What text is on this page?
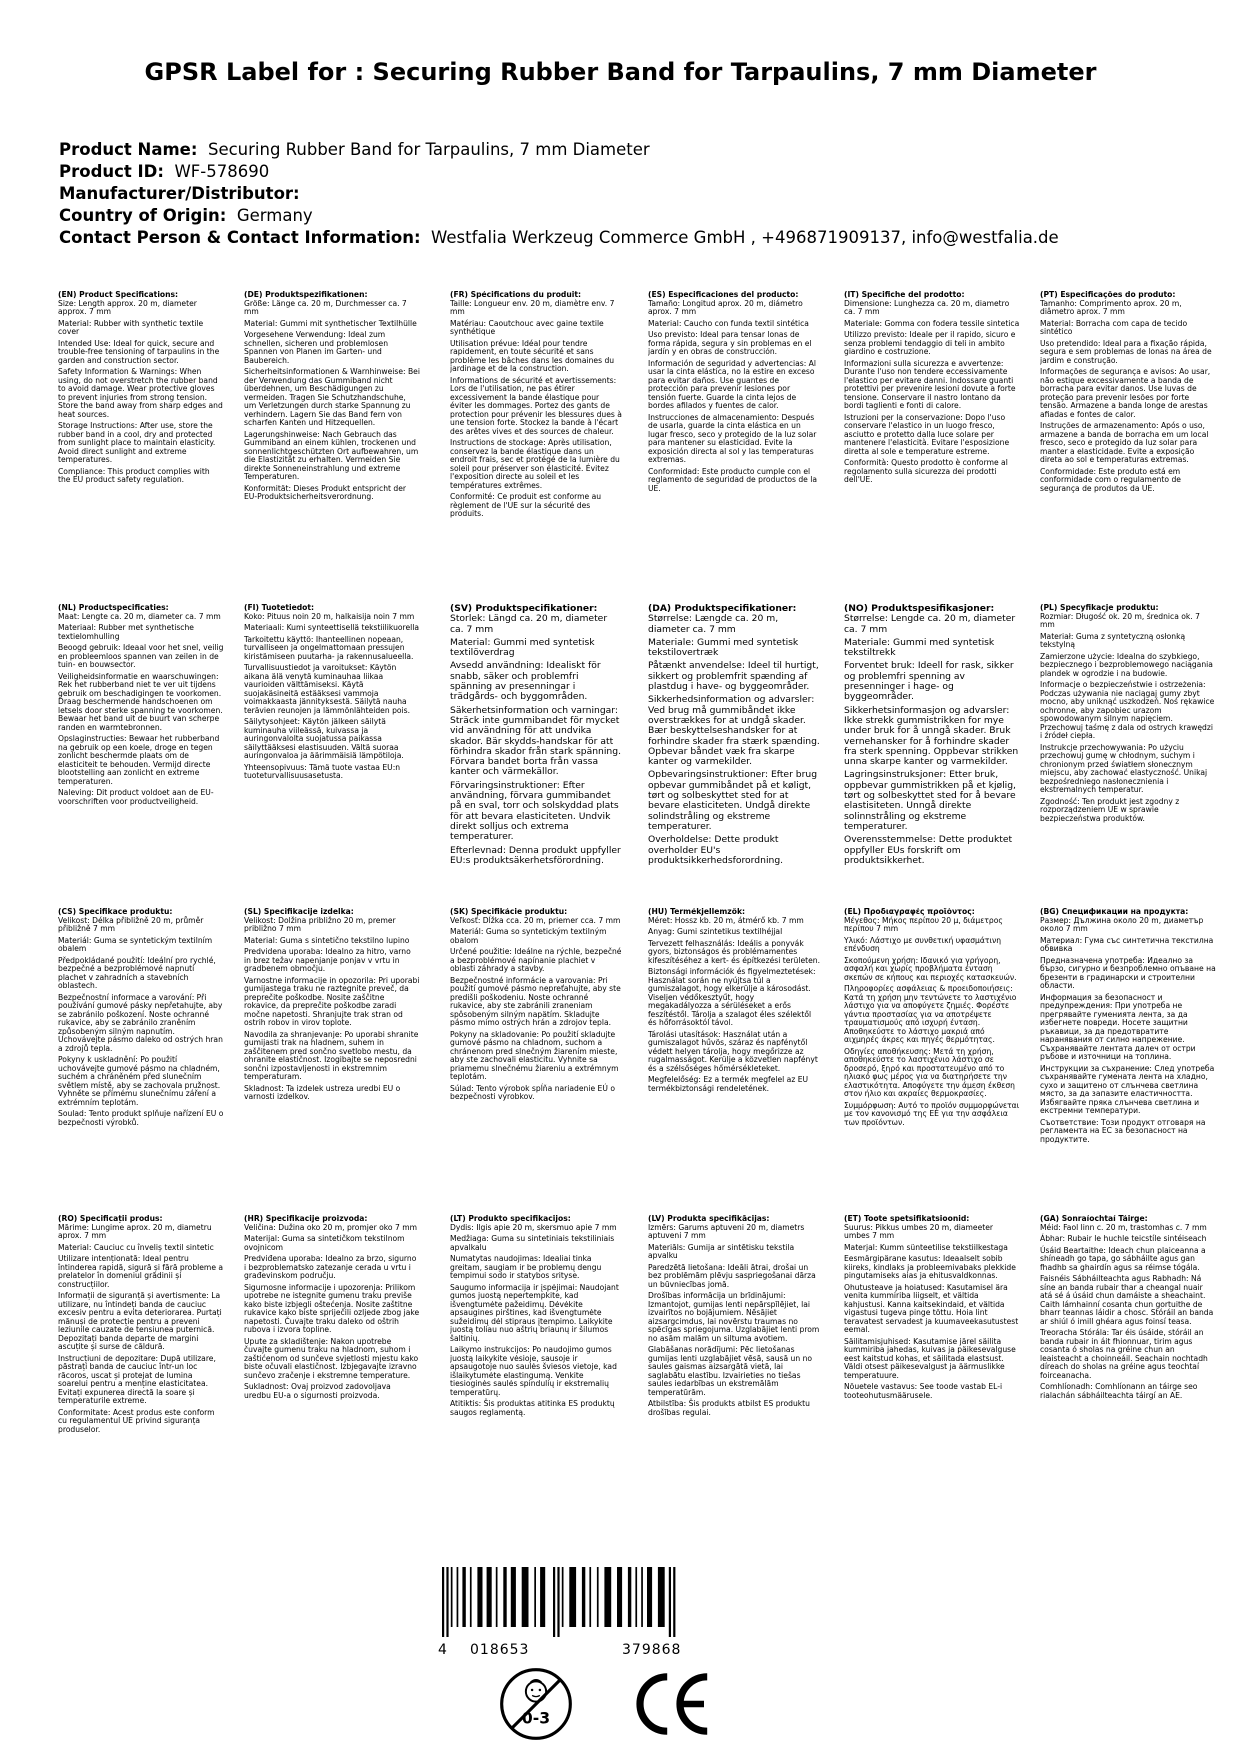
GPSR Label for : Securing Rubber Band for Tarpaulins, 7 mm Diameter
Product Name: Securing Rubber Band for Tarpaulins, 7 mm Diameter
Product ID: WF-578690
Manufacturer/Distributor:
Country of Origin: Germany
Contact Person & Contact Information: Westfalia Werkzeug Commerce GmbH , +496871909137, info@westfalia.de
(EN) Product Specifications:

Size: Length approx. 20 m, diameter approx. 7 mm

Material: Rubber with synthetic textile cover

Intended Use: Ideal for quick, secure and trouble-free tensioning of tarpaulins in the garden and construction sector.

Safety Information & Warnings: When using, do not overstretch the rubber band to avoid damage. Wear protective gloves to prevent injuries from strong tension. Store the band away from sharp edges and heat sources.

Storage Instructions: After use, store the rubber band in a cool, dry and protected from sunlight place to maintain elasticity. Avoid direct sunlight and extreme temperatures.

Compliance: This product complies with the EU product safety regulation.

(DE) Produktspezifikationen:

Größe: Länge ca. 20 m, Durchmesser ca. 7 mm

Material: Gummi mit synthetischer Textilhülle

Vorgesehene Verwendung: Ideal zum schnellen, sicheren und problemlosen Spannen von Planen im Garten- und Baubereich.

Sicherheitsinformationen & Warnhinweise: Bei der Verwendung das Gummiband nicht überdehnen, um Beschädigungen zu vermeiden. Tragen Sie Schutzhandschuhe, um Verletzungen durch starke Spannung zu verhindern. Lagern Sie das Band fern von scharfen Kanten und Hitzequellen.

Lagerungshinweise: Nach Gebrauch das Gummiband an einem kühlen, trockenen und sonnenlichtgeschützten Ort aufbewahren, um die Elastizität zu erhalten. Vermeiden Sie direkte Sonneneinstrahlung und extreme Temperaturen.

Konformität: Dieses Produkt entspricht der EU-Produktsicherheitsverordnung.

(FR) Spécifications du produit:

Taille: Longueur env. 20 m, diamètre env. 7 mm

Matériau: Caoutchouc avec gaine textile synthétique

Utilisation prévue: Idéal pour tendre rapidement, en toute sécurité et sans problème les bâches dans les domaines du jardinage et de la construction.

Informations de sécurité et avertissements: Lors de l'utilisation, ne pas étirer excessivement la bande élastique pour éviter les dommages. Portez des gants de protection pour prévenir les blessures dues à une tension forte. Stockez la bande à l'écart des arêtes vives et des sources de chaleur.

Instructions de stockage: Après utilisation, conservez la bande élastique dans un endroit frais, sec et protégé de la lumière du soleil pour préserver son élasticité. Évitez l'exposition directe au soleil et les températures extrêmes.

Conformité: Ce produit est conforme au règlement de l'UE sur la sécurité des produits.

(ES) Especificaciones del producto:

Tamaño: Longitud aprox. 20 m, diámetro aprox. 7 mm

Material: Caucho con funda textil sintética

Uso previsto: Ideal para tensar lonas de forma rápida, segura y sin problemas en el jardín y en obras de construcción.

Información de seguridad y advertencias: Al usar la cinta elástica, no la estire en exceso para evitar daños. Use guantes de protección para prevenir lesiones por tensión fuerte. Guarde la cinta lejos de bordes afilados y fuentes de calor.

Instrucciones de almacenamiento: Después de usarla, guarde la cinta elástica en un lugar fresco, seco y protegido de la luz solar para mantener su elasticidad. Evite la exposición directa al sol y las temperaturas extremas.

Conformidad: Este producto cumple con el reglamento de seguridad de productos de la UE.

(IT) Specifiche del prodotto:

Dimensione: Lunghezza ca. 20 m, diametro ca. 7 mm

Materiale: Gomma con fodera tessile sintetica

Utilizzo previsto: Ideale per il rapido, sicuro e senza problemi tendaggio di teli in ambito giardino e costruzione.

Informazioni sulla sicurezza e avvertenze: Durante l'uso non tendere eccessivamente l'elastico per evitare danni. Indossare guanti protettivi per prevenire lesioni dovute a forte tensione. Conservare il nastro lontano da bordi taglienti e fonti di calore.

Istruzioni per la conservazione: Dopo l'uso conservare l'elastico in un luogo fresco, asciutto e protetto dalla luce solare per mantenere l'elasticità. Evitare l'esposizione diretta al sole e temperature estreme.

Conformità: Questo prodotto è conforme al regolamento sulla sicurezza dei prodotti dell'UE.

(PT) Especificações do produto:

Tamanho: Comprimento aprox. 20 m, diâmetro aprox. 7 mm

Material: Borracha com capa de tecido sintético

Uso pretendido: Ideal para a fixação rápida, segura e sem problemas de lonas na área de jardim e construção.

Informações de segurança e avisos: Ao usar, não estique excessivamente a banda de borracha para evitar danos. Use luvas de proteção para prevenir lesões por forte tensão. Armazene a banda longe de arestas afiadas e fontes de calor.

Instruções de armazenamento: Após o uso, armazene a banda de borracha em um local fresco, seco e protegido da luz solar para manter a elasticidade. Evite a exposição direta ao sol e temperaturas extremas.

Conformidade: Este produto está em conformidade com o regulamento de segurança de produtos da UE.

(NL) Productspecificaties:

Maat: Lengte ca. 20 m, diameter ca. 7 mm

Materiaal: Rubber met synthetische textielomhulling

Beoogd gebruik: Ideaal voor het snel, veilig en probleemloos spannen van zeilen in de tuin- en bouwsector.

Veiligheidsinformatie en waarschuwingen: Rek het rubberband niet te ver uit tijdens gebruik om beschadigingen te voorkomen. Draag beschermende handschoenen om letsels door sterke spanning te voorkomen. Bewaar het band uit de buurt van scherpe randen en warmtebronnen.

Opslaginstructies: Bewaar het rubberband na gebruik op een koele, droge en tegen zonlicht beschermde plaats om de elasticiteit te behouden. Vermijd directe blootstelling aan zonlicht en extreme temperaturen.

Naleving: Dit product voldoet aan de EU-voorschriften voor productveiligheid.

(FI) Tuotetiedot:

Koko: Pituus noin 20 m, halkaisija noin 7 mm

Materiaali: Kumi synteettisellä tekstiilikuorella

Tarkoitettu käyttö: Ihanteellinen nopeaan, turvalliseen ja ongelmattomaan pressujen kiristämiseen puutarha- ja rakennusalueella.

Turvallisuustiedot ja varoitukset: Käytön aikana älä venytä kuminauhaa liikaa vaurioiden välttämiseksi. Käytä suojakäsineitä estääksesi vammoja voimakkaasta jännityksestä. Säilytä nauha terävien reunojen ja lämmönlähteiden pois.

Säilytysohjeet: Käytön jälkeen säilytä kuminauha viileässä, kuivassa ja auringonvalolta suojatussa paikassa säilyttääksesi elastisuuden. Vältä suoraa auringonvaloa ja äärimmäisiä lämpötiloja.

Yhteensopivuus: Tämä tuote vastaa EU:n tuoteturvallisuusasetusta.

(SV) Produktspecifikationer:

Storlek: Längd ca. 20 m, diameter ca. 7 mm

Material: Gummi med syntetisk textilöverdrag

Avsedd användning: Idealiskt för snabb, säker och problemfri spänning av presenningar i trädgårds- och byggområden.

Säkerhetsinformation och varningar: Sträck inte gummibandet för mycket vid användning för att undvika skador. Bär skydds-handskar för att förhindra skador från stark spänning. Förvara bandet borta från vassa kanter och värmekällor.

Förvaringsinstruktioner: Efter användning, förvara gummibandet på en sval, torr och solskyddad plats för att bevara elasticiteten. Undvik direkt solljus och extrema temperaturer.

Efterlevnad: Denna produkt uppfyller EU:s produktsäkerhetsförordning.

(DA) Produktspecifikationer:

Størrelse: Længde ca. 20 m, diameter ca. 7 mm

Materiale: Gummi med syntetisk tekstilovertræk

Påtænkt anvendelse: Ideel til hurtigt, sikkert og problemfrit spænding af plastdug i have- og byggeområder.

Sikkerhedsinformation og advarsler: Ved brug må gummibåndet ikke overstrækkes for at undgå skader. Bær beskyttelseshandsker for at forhindre skader fra stærk spænding. Opbevar båndet væk fra skarpe kanter og varmekilder.

Opbevaringsinstruktioner: Efter brug opbevar gummibåndet på et køligt, tørt og solbeskyttet sted for at bevare elasticiteten. Undgå direkte solindstråling og ekstreme temperaturer.

Overholdelse: Dette produkt overholder EU's produktsikkerhedsforordning.

(NO) Produktspesifikasjoner:

Størrelse: Lengde ca. 20 m, diameter ca. 7 mm

Materiale: Gummi med syntetisk tekstiltrekk

Forventet bruk: Ideell for rask, sikker og problemfri spenning av presenninger i hage- og byggeområder.

Sikkerhetsinformasjon og advarsler: Ikke strekk gummistrikken for mye under bruk for å unngå skader. Bruk vernehansker for å forhindre skader fra sterk spenning. Oppbevar strikken unna skarpe kanter og varmekilder.

Lagringsinstruksjoner: Etter bruk, oppbevar gummistrikken på et kjølig, tørt og solbeskyttet sted for å bevare elastisiteten. Unngå direkte solinnstråling og ekstreme temperaturer.

Overensstemmelse: Dette produktet oppfyller EUs forskrift om produktsikkerhet.

(PL) Specyfikacje produktu:

Rozmiar: Długość ok. 20 m, średnica ok. 7 mm

Materiał: Guma z syntetyczną osłonką tekstylną

Zamierzone użycie: Idealna do szybkiego, bezpiecznego i bezproblemowego naciągania plandek w ogrodzie i na budowie.

Informacje o bezpieczeństwie i ostrzeżenia: Podczas używania nie naciągaj gumy zbyt mocno, aby uniknąć uszkodzeń. Noś rękawice ochronne, aby zapobiec urazom spowodowanym silnym napięciem. Przechowuj taśmę z dala od ostrych krawędzi i źródeł ciepła.

Instrukcje przechowywania: Po użyciu przechowuj gumę w chłodnym, suchym i chronionym przed światłem słonecznym miejscu, aby zachować elastyczność. Unikaj bezpośredniego nasłonecznienia i ekstremalnych temperatur.

Zgodność: Ten produkt jest zgodny z rozporządzeniem UE w sprawie bezpieczeństwa produktów.

(CS) Specifikace produktu:

Velikost: Délka přibližně 20 m, průměr přibližně 7 mm

Materiál: Guma se syntetickým textilním obalem

Předpokládané použití: Ideální pro rychlé, bezpečné a bezproblémové napnutí plachet v zahradních a stavebních oblastech.

Bezpečnostní informace a varování: Při používání gumové pásky nepřetahujte, aby se zabránilo poškození. Noste ochranné rukavice, aby se zabránilo zraněním způsobeným silným napnutím. Uchovávejte pásmo daleko od ostrých hran a zdrojů tepla.

Pokyny k uskladnění: Po použití uchovávejte gumové pásmo na chladném, suchém a chráněném před slunečním světlem místě, aby se zachovala pružnost. Vyhněte se přímému slunečnímu záření a extrémním teplotám.

Soulad: Tento produkt splňuje nařízení EU o bezpečnosti výrobků.

(SL) Specifikacije izdelka:

Velikost: Dolžina približno 20 m, premer približno 7 mm

Material: Guma s sintetično tekstilno lupino

Predvidena uporaba: Idealno za hitro, varno in brez težav napenjanje ponjav v vrtu in gradbenem območju.

Varnostne informacije in opozorila: Pri uporabi gumijastega traku ne raztegnite preveč, da preprečite poškodbe. Nosite zaščitne rokavice, da preprečite poškodbe zaradi močne napetosti. Shranjujte trak stran od ostrih robov in virov toplote.

Navodila za shranjevanje: Po uporabi shranite gumijasti trak na hladnem, suhem in zaščitenem pred sončno svetlobo mestu, da ohranite elastičnost. Izogibajte se neposredni sončni izpostavljenosti in ekstremnim temperaturam.

Skladnost: Ta izdelek ustreza uredbi EU o varnosti izdelkov.

(SK) Špecifikácie produktu:

Veľkosť: Dĺžka cca. 20 m, priemer cca. 7 mm

Materiál: Guma so syntetickým textilným obalom

Určené použitie: Ideálne na rýchle, bezpečné a bezproblémové napínanie plachiet v oblasti záhrady a stavby.

Bezpečnostné informácie a varovania: Pri použití gumové pásmo nepreťahujte, aby ste predišli poškodeniu. Noste ochranné rukavice, aby ste zabránili zraneniam spôsobeným silným napätím. Skladujte pásmo mimo ostrých hrán a zdrojov tepla.

Pokyny na skladovanie: Po použití skladujte gumové pásmo na chladnom, suchom a chránenom pred slnečným žiarením mieste, aby ste zachovali elasticitu. Vyhnite sa priamemu slnečnému žiareniu a extrémnym teplotám.

Súlad: Tento výrobok spĺňa nariadenie EÚ o bezpečnosti výrobkov.

(HU) Termékjellemzők:

Méret: Hossz kb. 20 m, átmérő kb. 7 mm

Anyag: Gumi szintetikus textilhéjjal

Tervezett felhasználás: Ideális a ponyvák gyors, biztonságos és problémamentes kifeszítéséhez a kert- és építkezési területen.

Biztonsági információk és figyelmeztetések: Használat során ne nyújtsa túl a gumiszalagot, hogy elkerülje a károsodást. Viseljen védőkesztyűt, hogy megakadályozza a sérüléseket a erős feszítéstől. Tárolja a szalagot éles szélektől és hőforrásoktól távol.

Tárolási utasítások: Használat után a gumiszalagot hűvös, száraz és napfénytől védett helyen tárolja, hogy megőrizze az rugalmasságot. Kerülje a közvetlen napfényt és a szélsőséges hőmérsékleteket.

Megfelelőség: Ez a termék megfelel az EU termékbiztonsági rendeletének.

(EL) Προδιαγραφές προϊόντος:

Μέγεθος: Μήκος περίπου 20 μ, διάμετρος περίπου 7 mm

Υλικό: Λάστιχο με συνθετική υφασμάτινη επένδυση

Σκοπούμενη χρήση: Ιδανικό για γρήγορη, ασφαλή και χωρίς προβλήματα ένταση σκεπών σε κήπους και περιοχές κατασκευών.

Πληροφορίες ασφάλειας & προειδοποιήσεις: Κατά τη χρήση μην τεντώνετε το λαστιχένιο λάστιχο για να αποφύγετε ζημιές. Φορέστε γάντια προστασίας για να αποτρέψετε τραυματισμούς από ισχυρή ένταση. Αποθηκεύστε το λάστιχο μακριά από αιχμηρές άκρες και πηγές θερμότητας.

Οδηγίες αποθήκευσης: Μετά τη χρήση, αποθηκεύστε το λαστιχένιο λάστιχο σε δροσερό, ξηρό και προστατευμένο από το ηλιακό φως μέρος για να διατηρήσετε την ελαστικότητα. Αποφύγετε την άμεση έκθεση στον ήλιο και ακραίες θερμοκρασίες.

Συμμόρφωση: Αυτό το προϊόν συμμορφώνεται με τον κανονισμό της ΕΕ για την ασφάλεια των προϊόντων.

(BG) Спецификации на продукта:

Размер: Дължина около 20 m, диаметър около 7 mm

Материал: Гума със синтетична текстилна обвивка

Предназначена употреба: Идеално за бързо, сигурно и безпроблемно опъване на брезенти в градинарски и строителни области.

Информация за безопасност и предупреждения: При употреба не прегрявайте гуменията лента, за да избегнете повреди. Носете защитни ръкавици, за да предотвратите наранявания от силно напрежение. Съхранявайте лентата далеч от остри ръбове и източници на топлина.

Инструкции за съхранение: След употреба съхранявайте гумената лента на хладно, сухо и защитено от слънчева светлина място, за да запазите еластичността. Избягвайте пряка слънчева светлина и екстремни температури.

Съответствие: Този продукт отговаря на регламента на ЕС за безопасност на продуктите.

(RO) Specificații produs:

Mărime: Lungime aprox. 20 m, diametru aprox. 7 mm

Material: Cauciuc cu înveliș textil sintetic

Utilizare intenționată: Ideal pentru întinderea rapidă, sigură și fără probleme a prelatelor în domeniul grădinii și construcțiilor.

Informații de siguranță și avertismente: La utilizare, nu întindeți banda de cauciuc excesiv pentru a evita deteriorarea. Purtați mănuși de protecție pentru a preveni leziunile cauzate de tensiunea puternică. Depozitați banda departe de margini ascuțite și surse de căldură.

Instrucțiuni de depozitare: După utilizare, păstrați banda de cauciuc într-un loc răcoros, uscat și protejat de lumina soarelui pentru a menține elasticitatea. Evitați expunerea directă la soare și temperaturile extreme.

Conformitate: Acest produs este conform cu regulamentul UE privind siguranța produselor.

(HR) Specifikacije proizvoda:

Veličina: Dužina oko 20 m, promjer oko 7 mm

Materijal: Guma sa sintetičkom tekstilnom ovojnicom

Predviđena uporaba: Idealno za brzo, sigurno i bezproblematsko zatezanje cerada u vrtu i građevinskom području.

Sigurnosne informacije i upozorenja: Prilikom upotrebe ne istegnite gumenu traku previše kako biste izbjegli oštećenja. Nosite zaštitne rukavice kako biste spriječili ozljede zbog jake napetosti. Čuvajte traku daleko od oštrih rubova i izvora topline.

Upute za skladištenje: Nakon upotrebe čuvajte gumenu traku na hladnom, suhom i zaštićenom od sunčeve svjetlosti mjestu kako biste očuvali elastičnost. Izbjegavajte izravno sunčevo zračenje i ekstremne temperature.

Sukladnost: Ovaj proizvod zadovoljava uredbu EU-a o sigurnosti proizvoda.

(LT) Produkto specifikacijos:

Dydis: Ilgis apie 20 m, skersmuo apie 7 mm

Medžiaga: Guma su sintetiniais tekstiliniais apvalkalu

Numatytas naudojimas: Idealiai tinka greitam, saugiam ir be problemų dengu tempimui sodo ir statybos srityse.

Saugumo informacija ir įspėjimai: Naudojant gumos juostą nepertempkite, kad išvengtumėte pažeidimų. Dėvėkite apsaugines pirštines, kad išvengtumėte sužeidimų dėl stipraus įtempimo. Laikykite juostą toliau nuo aštrių briaunų ir šilumos šaltinių.

Laikymo instrukcijos: Po naudojimo gumos juostą laikykite vėsioje, sausoje ir apsaugotoje nuo saulės šviesos vietoje, kad išlaikytumėte elastingumą. Venkite tiesioginės saulės spindulių ir ekstremalių temperatūrų.

Atitiktis: Šis produktas atitinka ES produktų saugos reglamentą.

(LV) Produkta specifikācijas:

Izmērs: Garums aptuveni 20 m, diametrs aptuveni 7 mm

Materiāls: Gumija ar sintētisku tekstila apvalku

Paredzētā lietošana: Ideāli ātrai, drošai un bez problēmām plēvju saspriegošanai dārza un būvniecības jomā.

Drošības informācija un brīdinājumi: Izmantojot, gumijas lenti nepārspīlējiet, lai izvairītos no bojājumiem. Nēsājiet aizsargcimdus, lai novērstu traumas no spēcīgas spriegojuma. Uzglabājiet lenti prom no asām malām un siltuma avotiem.

Glabāšanas norādījumi: Pēc lietošanas gumijas lenti uzglabājiet vēsā, sausā un no saules gaismas aizsargātā vietā, lai saglabātu elastību. Izvairieties no tiešas saules iedarbības un ekstremālām temperatūrām.

Atbilstība: Šis produkts atbilst ES produktu drošības regulai.

(ET) Toote spetsifikatsioonid:

Suurus: Pikkus umbes 20 m, diameeter umbes 7 mm

Materjal: Kumm sünteetilise tekstiilkestaga

Eesmärgipärane kasutus: Ideaalselt sobib kiireks, kindlaks ja probleemivabaks plekkide pingutamiseks aias ja ehitusvaldkonnas.

Ohutusteave ja hoiatused: Kasutamisel ära venita kummiriba liigselt, et vältida kahjustusi. Kanna kaitsekindaid, et vältida vigastusi tugeva pinge tõttu. Hoia lint teravatest servadest ja kuumaveekasutustest eemal.

Säilitamisjuhised: Kasutamise järel säilita kummiriba jahedas, kuivas ja päikesevalguse eest kaitstud kohas, et säilitada elastsust. Väldi otsest päikesevalgust ja äärmuslikke temperatuure.

Nõuetele vastavus: See toode vastab EL-i tooteohutusmäärusele.

(GA) Sonraíochtaí Táirge:

Méid: Faol linn c. 20 m, trastomhas c. 7 mm

Ábhar: Rubair le huchle teicstíle sintéiseach

Úsáid Beartaithe: Ideach chun plaiceanna a shíneadh go tapa, go sábháilte agus gan fhadhb sa ghairdín agus sa réimse tógála.

Faisnéis Sábháilteachta agus Rabhadh: Ná síne an banda rubair thar a cheangal nuair atá sé á úsáid chun damáiste a sheachaint. Caith lámhainní cosanta chun gortuithe de bharr teannas láidir a chosc. Stóráil an banda ar shiúl ó imill ghéara agus foinsí teasa.

Treoracha Stórála: Tar éis úsáide, stóráil an banda rubair in áit fhionnuar, tirim agus cosanta ó sholas na gréine chun an leaisteacht a choinneáil. Seachain nochtadh díreach do sholas na gréine agus teochtaí foirceanacha.

Comhlíonadh: Comhlíonann an táirge seo rialachán sábháilteachta táirgí an AE.

4 018653	379868
0-3
